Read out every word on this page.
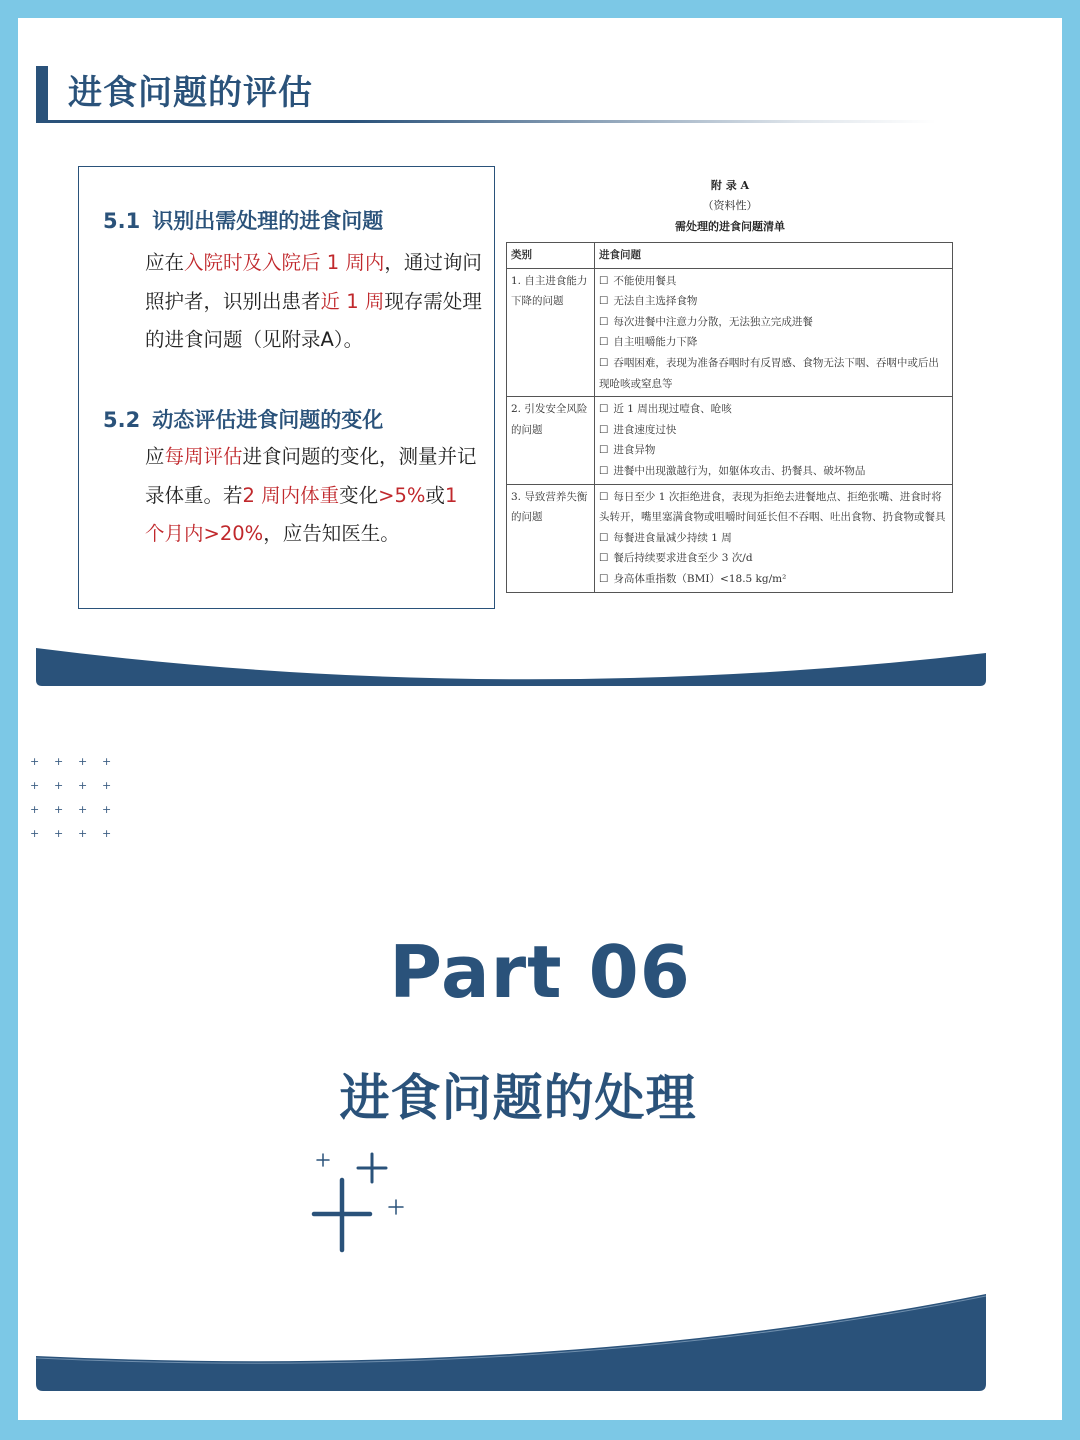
进食问题的评估
5.1 识别出需处理的进食问题
应在入院时及入院后 1 周内，通过询问照护者，识别出患者近 1 周现存需处理的进食问题（见附录A）。
5.2 动态评估进食问题的变化
应每周评估进食问题的变化，测量并记录体重。若2 周内体重变化>5%或1 个月内>20%，应告知医生。
附 录 A
（资料性）
需处理的进食问题清单
类别	进食问题
1. 自主进食能力下降的问题	☐ 不能使用餐具
☐ 无法自主选择食物
☐ 每次进餐中注意力分散，无法独立完成进餐
☐ 自主咀嚼能力下降
☐ 吞咽困难，表现为准备吞咽时有反胃感、食物无法下咽、吞咽中或后出现呛咳或窒息等

2. 引发安全风险的问题	☐ 近 1 周出现过噎食、呛咳
☐ 进食速度过快
☐ 进食异物
☐ 进餐中出现激越行为，如躯体攻击、扔餐具、破坏物品

3. 导致营养失衡的问题	☐ 每日至少 1 次拒绝进食，表现为拒绝去进餐地点、拒绝张嘴、进食时将头转开，嘴里塞满食物或咀嚼时间延长但不吞咽、吐出食物、扔食物或餐具
☐ 每餐进食量减少持续 1 周
☐ 餐后持续要求进食至少 3 次/d
☐ 身高体重指数（BMI）<18.5 kg/m²
+ + + +
+ + + +
+ + + +
+ + + +
Part 06
进食问题的处理
